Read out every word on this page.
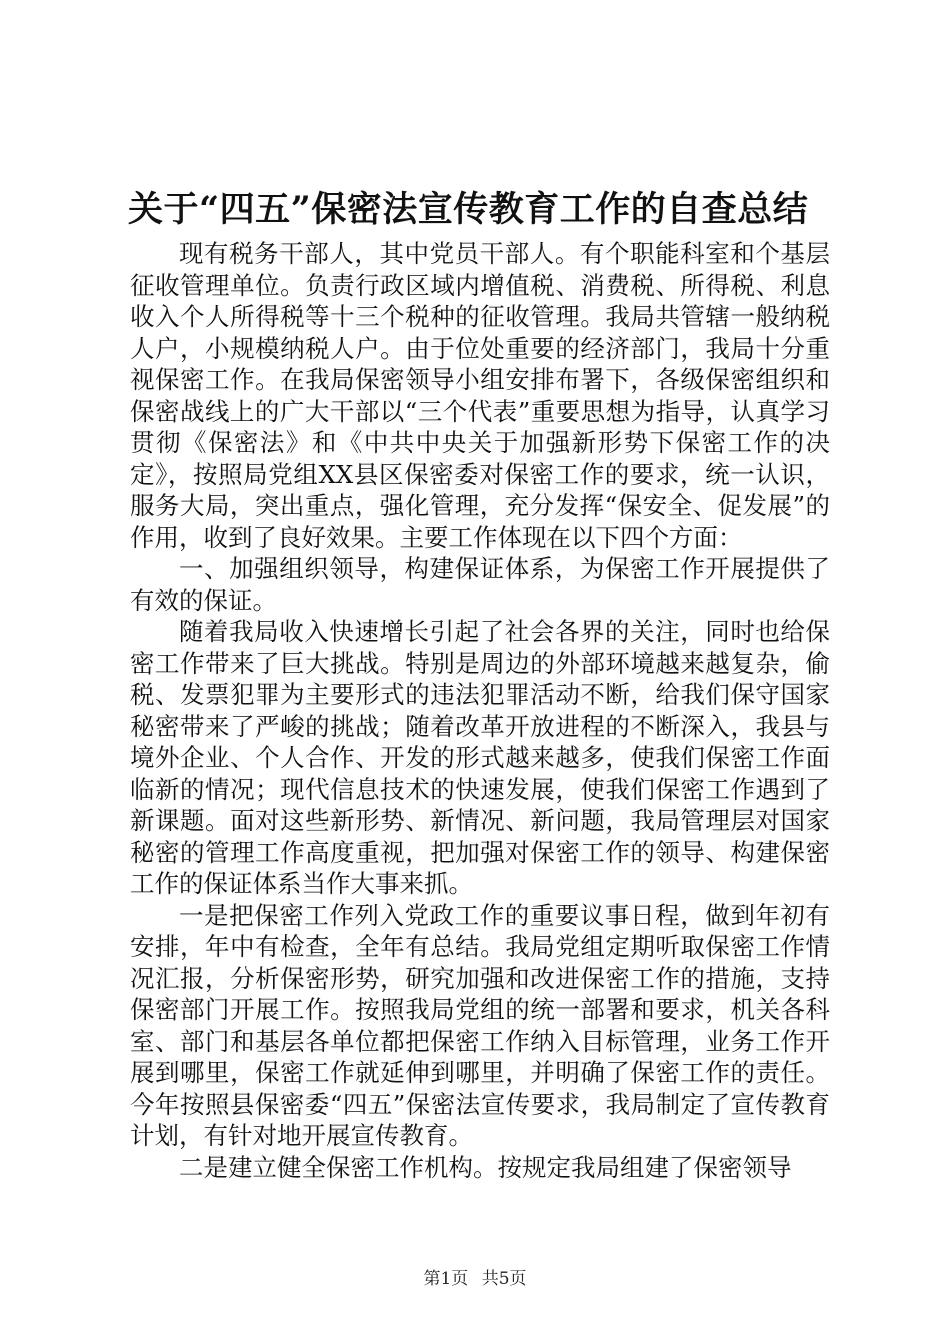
关于“四五”保密法宣传教育工作的自查总结

现有税务干部人，其中党员干部人。有个职能科室和个基层征收管理单位。负责行政区域内增值税、消费税、所得税、利息收入个人所得税等十三个税种的征收管理。我局共管辖一般纳税人户，小规模纳税人户。由于位处重要的经济部门，我局十分重视保密工作。在我局保密领导小组安排布署下，各级保密组织和保密战线上的广大干部以“三个代表”重要思想为指导，认真学习贯彻《保密法》和《中共中央关于加强新形势下保密工作的决定》，按照局党组XX县区保密委对保密工作的要求，统一认识，服务大局，突出重点，强化管理，充分发挥“保安全、促发展”的作用，收到了良好效果。主要工作体现在以下四个方面：

一、加强组织领导，构建保证体系，为保密工作开展提供了有效的保证。

随着我局收入快速增长引起了社会各界的关注，同时也给保密工作带来了巨大挑战。特别是周边的外部环境越来越复杂，偷税、发票犯罪为主要形式的违法犯罪活动不断，给我们保守国家秘密带来了严峻的挑战；随着改革开放进程的不断深入，我县与境外企业、个人合作、开发的形式越来越多，使我们保密工作面临新的情况；现代信息技术的快速发展，使我们保密工作遇到了新课题。面对这些新形势、新情况、新问题，我局管理层对国家秘密的管理工作高度重视，把加强对保密工作的领导、构建保密工作的保证体系当作大事来抓。

一是把保密工作列入党政工作的重要议事日程，做到年初有安排，年中有检查，全年有总结。我局党组定期听取保密工作情况汇报，分析保密形势，研究加强和改进保密工作的措施，支持保密部门开展工作。按照我局党组的统一部署和要求，机关各科室、部门和基层各单位都把保密工作纳入目标管理，业务工作开展到哪里，保密工作就延伸到哪里，并明确了保密工作的责任。今年按照县保密委“四五”保密法宣传要求，我局制定了宣传教育计划，有针对地开展宣传教育。

二是建立健全保密工作机构。按规定我局组建了保密领导

第1页 共5页
